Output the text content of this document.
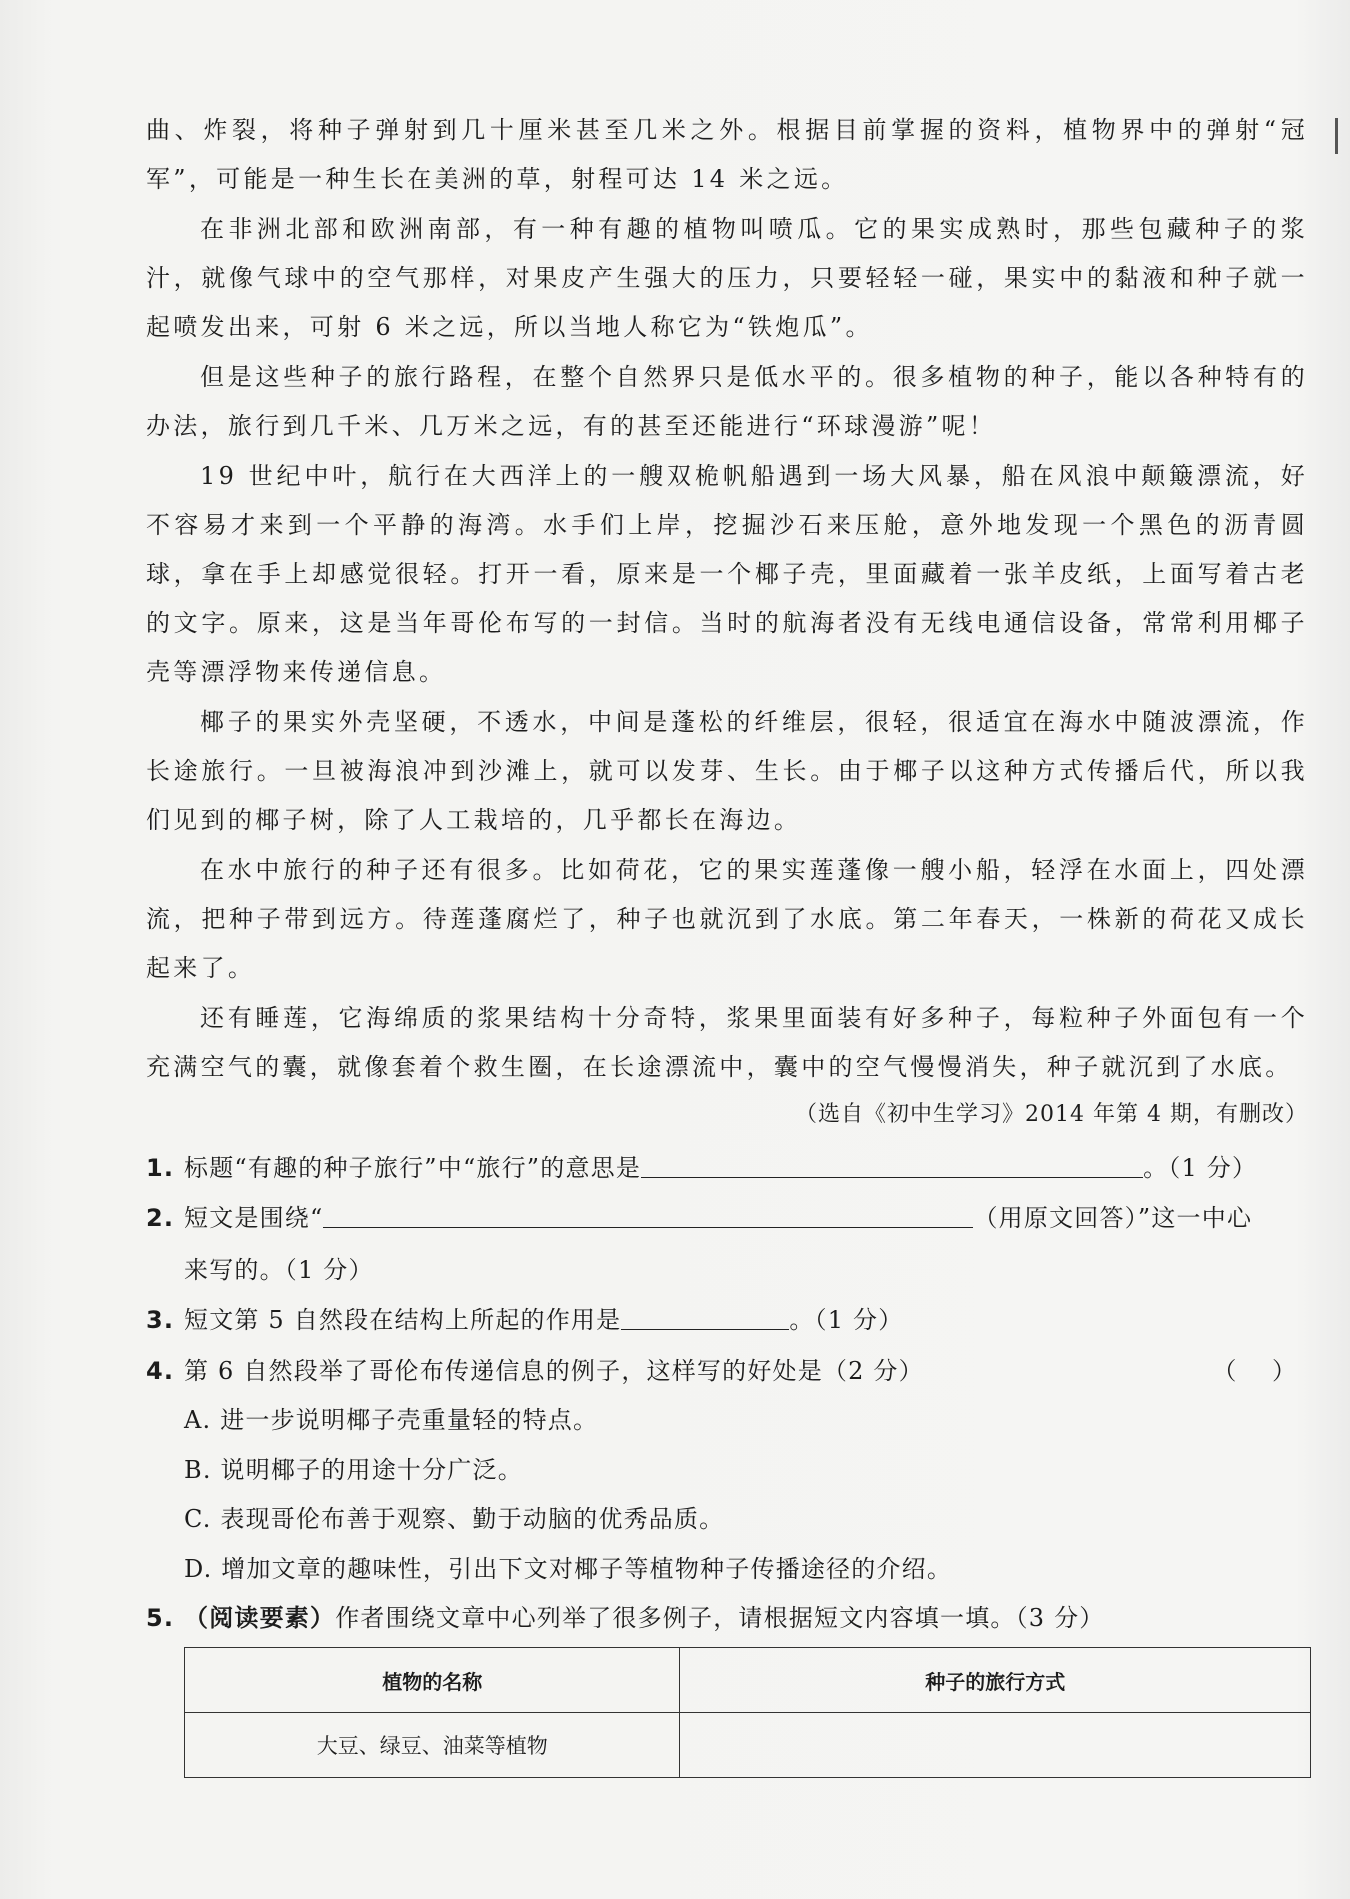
曲、炸裂，将种子弹射到几十厘米甚至几米之外。根据目前掌握的资料，植物界中的弹射“冠军”，可能是一种生长在美洲的草，射程可达 14 米之远。

在非洲北部和欧洲南部，有一种有趣的植物叫喷瓜。它的果实成熟时，那些包藏种子的浆汁，就像气球中的空气那样，对果皮产生强大的压力，只要轻轻一碰，果实中的黏液和种子就一起喷发出来，可射 6 米之远，所以当地人称它为“铁炮瓜”。

但是这些种子的旅行路程，在整个自然界只是低水平的。很多植物的种子，能以各种特有的办法，旅行到几千米、几万米之远，有的甚至还能进行“环球漫游”呢！

19 世纪中叶，航行在大西洋上的一艘双桅帆船遇到一场大风暴，船在风浪中颠簸漂流，好不容易才来到一个平静的海湾。水手们上岸，挖掘沙石来压舱，意外地发现一个黑色的沥青圆球，拿在手上却感觉很轻。打开一看，原来是一个椰子壳，里面藏着一张羊皮纸，上面写着古老的文字。原来，这是当年哥伦布写的一封信。当时的航海者没有无线电通信设备，常常利用椰子壳等漂浮物来传递信息。

椰子的果实外壳坚硬，不透水，中间是蓬松的纤维层，很轻，很适宜在海水中随波漂流，作长途旅行。一旦被海浪冲到沙滩上，就可以发芽、生长。由于椰子以这种方式传播后代，所以我们见到的椰子树，除了人工栽培的，几乎都长在海边。

在水中旅行的种子还有很多。比如荷花，它的果实莲蓬像一艘小船，轻浮在水面上，四处漂流，把种子带到远方。待莲蓬腐烂了，种子也就沉到了水底。第二年春天，一株新的荷花又成长起来了。

还有睡莲，它海绵质的浆果结构十分奇特，浆果里面装有好多种子，每粒种子外面包有一个充满空气的囊，就像套着个救生圈，在长途漂流中，囊中的空气慢慢消失，种子就沉到了水底。

（选自《初中生学习》2014 年第 4 期，有删改）
1. 标题“有趣的种子旅行”中“旅行”的意思是	。（1 分）
2. 短文是围绕“	（用原文回答）”这一中心
来写的。（1 分）
3. 短文第 5 自然段在结构上所起的作用是	。（1 分）
4. 第 6 自然段举了哥伦布传递信息的例子，这样写的好处是（2 分）	（ ）
A. 进一步说明椰子壳重量轻的特点。
B. 说明椰子的用途十分广泛。
C. 表现哥伦布善于观察、勤于动脑的优秀品质。
D. 增加文章的趣味性，引出下文对椰子等植物种子传播途径的介绍。
5. （阅读要素）作者围绕文章中心列举了很多例子，请根据短文内容填一填。（3 分）
植物的名称	种子的旅行方式
大豆、绿豆、油菜等植物	
